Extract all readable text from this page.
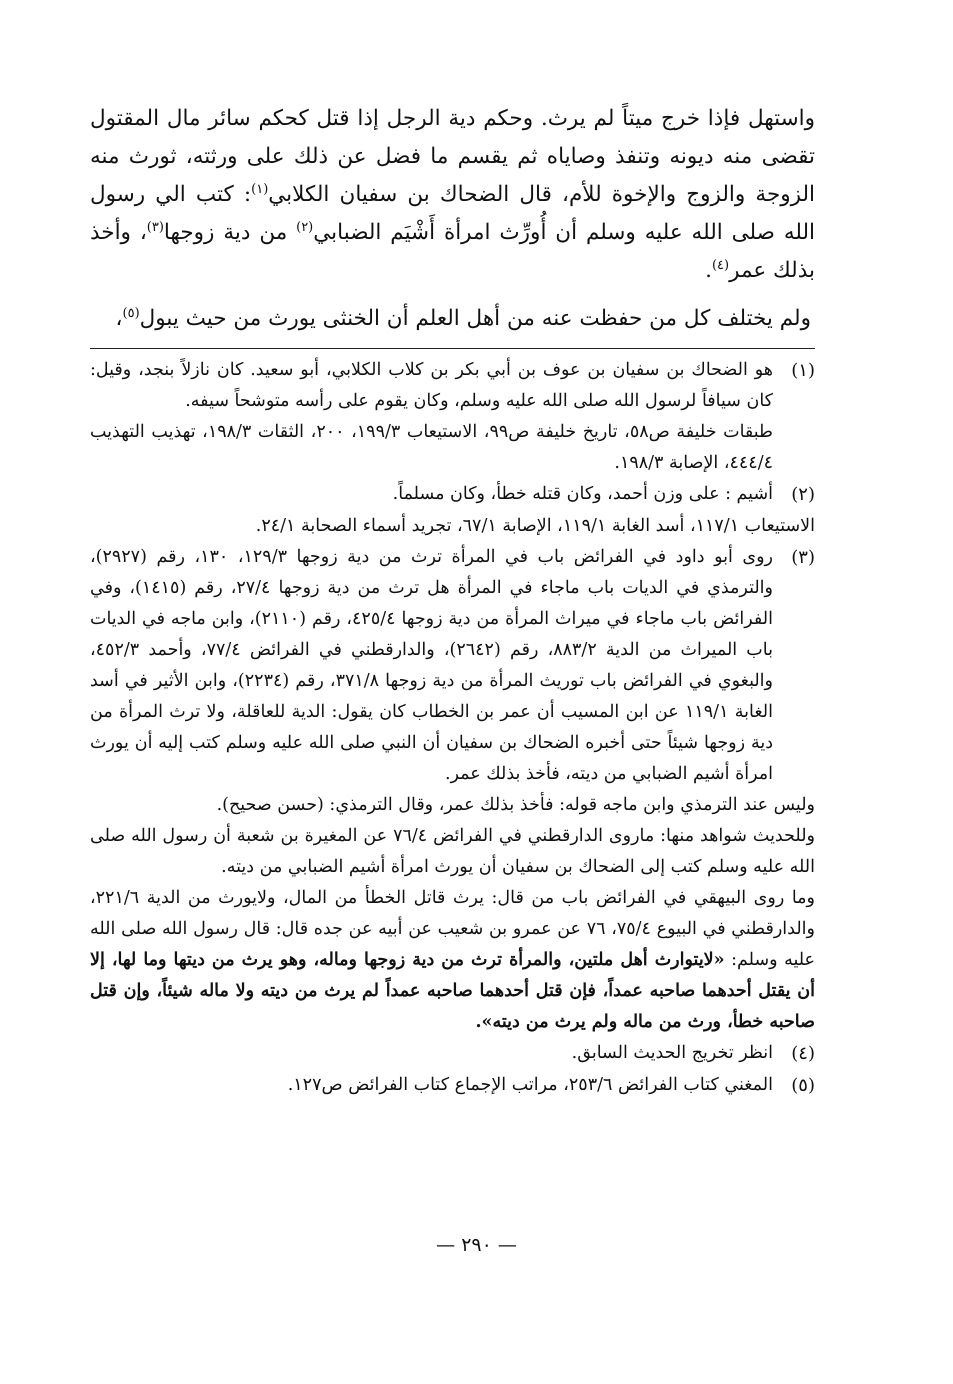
واستهل فإذا خرج ميتاً لم يرث. وحكم دية الرجل إذا قتل كحكم سائر مال المقتول تقضى منه ديونه وتنفذ وصاياه ثم يقسم ما فضل عن ذلك على ورثته، ثورث منه الزوجة والزوج والإخوة للأم، قال الضحاك بن سفيان الكلابي$^{(١)}$: كتب الي رسول الله صلى الله عليه وسلم أن أُورِّث امرأة أَشْيَم الضبابي$^{(٢)}$ من دية زوجها$^{(٣)}$، وأخذ بذلك عمر$^{(٤)}$.

ولم يختلف كل من حفظت عنه من أهل العلم أن الخنثى يورث من حيث يبول$^{(٥)}$،

(١)

هو الضحاك بن سفيان بن عوف بن أبي بكر بن كلاب الكلابي، أبو سعيد. كان نازلاً بنجد، وقيل: كان سيافاً لرسول الله صلى الله عليه وسلم، وكان يقوم على رأسه متوشحاً سيفه.

طبقات خليفة ص٥٨، تاريخ خليفة ص٩٩، الاستيعاب ١٩٩/٣، ٢٠٠، الثقات ١٩٨/٣، تهذيب التهذيب ٤٤٤/٤، الإصابة ١٩٨/٣.

(٢)

أشيم : على وزن أحمد، وكان قتله خطأ، وكان مسلماً.

الاستيعاب ١١٧/١، أسد الغابة ١١٩/١، الإصابة ٦٧/١، تجريد أسماء الصحابة ٢٤/١.

(٣)

روى أبو داود في الفرائض باب في المرأة ترث من دية زوجها ١٢٩/٣، ١٣٠، رقم (٢٩٢٧)، والترمذي في الديات باب ماجاء في المرأة هل ترث من دية زوجها ٢٧/٤، رقم (١٤١٥)، وفي الفرائض باب ماجاء في ميراث المرأة من دية زوجها ٤٢٥/٤، رقم (٢١١٠)، وابن ماجه في الديات باب الميراث من الدية ٨٨٣/٢، رقم (٢٦٤٢)، والدارقطني في الفرائض ٧٧/٤، وأحمد ٤٥٢/٣، والبغوي في الفرائض باب توريث المرأة من دية زوجها ٣٧١/٨، رقم (٢٢٣٤)، وابن الأثير في أسد الغابة ١١٩/١ عن ابن المسيب أن عمر بن الخطاب كان يقول: الدية للعاقلة، ولا ترث المرأة من دية زوجها شيئاً حتى أخبره الضحاك بن سفيان أن النبي صلى الله عليه وسلم كتب إليه أن يورث امرأة أشيم الضبابي من ديته، فأخذ بذلك عمر.

وليس عند الترمذي وابن ماجه قوله: فأخذ بذلك عمر، وقال الترمذي: (حسن صحيح).

وللحديث شواهد منها: ماروى الدارقطني في الفرائض ٧٦/٤ عن المغيرة بن شعبة أن رسول الله صلى الله عليه وسلم كتب إلى الضحاك بن سفيان أن يورث امرأة أشيم الضبابي من ديته.

وما روى البيهقي في الفرائض باب من قال: يرث قاتل الخطأ من المال، ولايورث من الدية ٢٢١/٦، والدارقطني في البيوع ٧٥/٤، ٧٦ عن عمرو بن شعيب عن أبيه عن جده قال: قال رسول الله صلى الله عليه وسلم: «لايتوارث أهل ملتين، والمرأة ترث من دية زوجها وماله، وهو يرث من ديتها وما لها، إلا أن يقتل أحدهما صاحبه عمداً، فإن قتل أحدهما صاحبه عمداً لم يرث من ديته ولا ماله شيئاً، وإن قتل صاحبه خطأ، ورث من ماله ولم يرث من ديته».

(٤)

انظر تخريج الحديث السابق.

(٥)

المغني كتاب الفرائض ٢٥٣/٦، مراتب الإجماع كتاب الفرائض ص١٢٧.

— ٢٩٠ —
